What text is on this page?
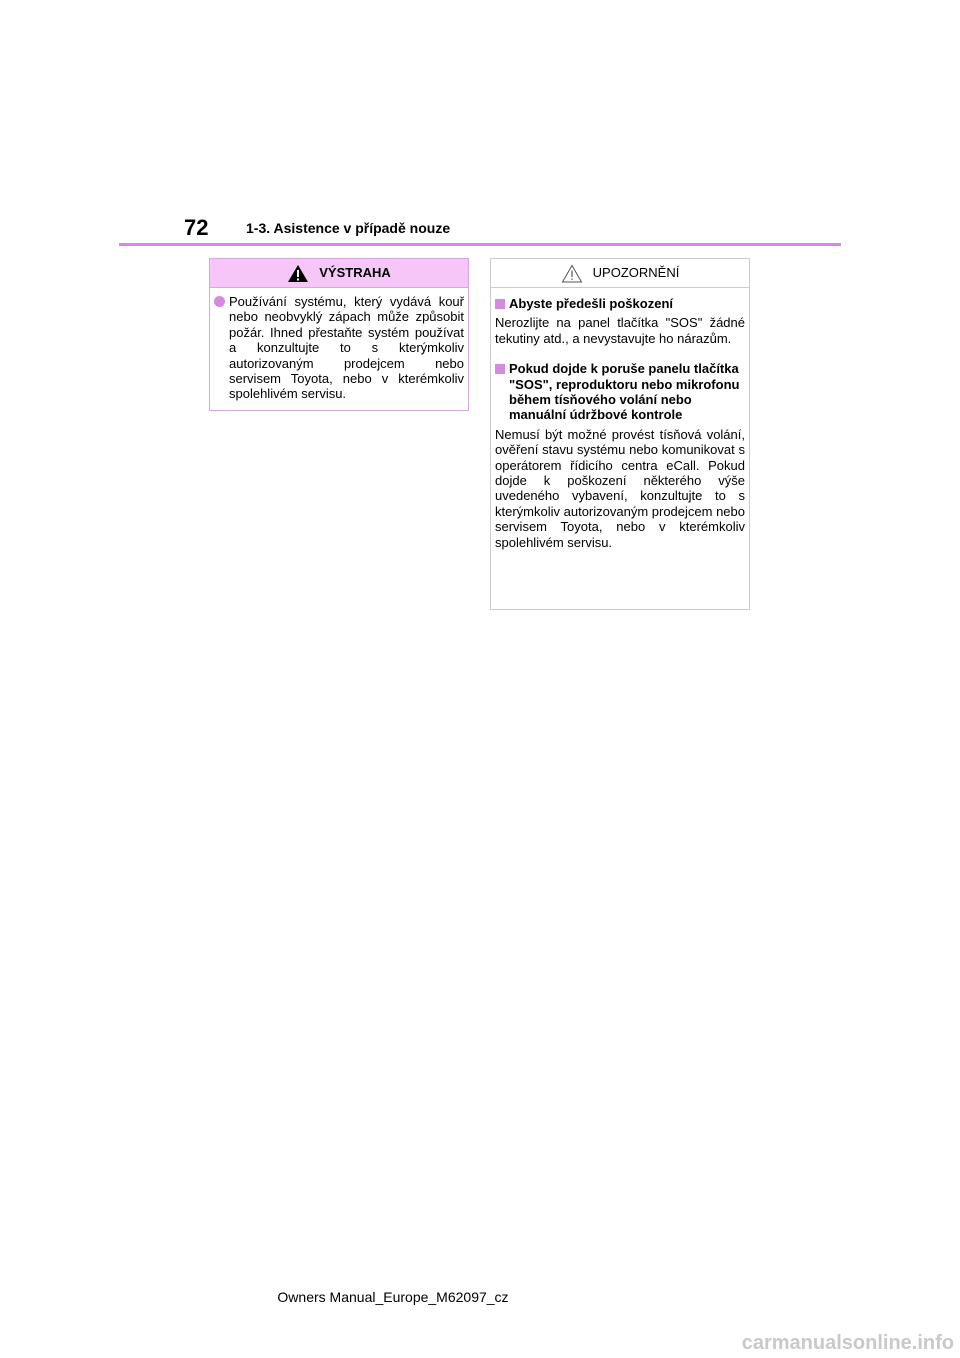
72	1-3. Asistence v případě nouze
VÝSTRAHA
Používání systému, který vydává kouř nebo neobvyklý zápach může způsobit požár. Ihned přestaňte systém používat a konzultujte to s kterýmkoliv autorizovaným prodejcem nebo servisem Toyota, nebo v kterémkoliv spolehlivém servisu.
UPOZORNĚNÍ
Abyste předešli poškození
Nerozlijte na panel tlačítka "SOS" žádné tekutiny atd., a nevystavujte ho nárazům.
Pokud dojde k poruše panelu tlačítka "SOS", reproduktoru nebo mikrofonu během tísňového volání nebo manuální údržbové kontrole
Nemusí být možné provést tísňová volání, ověření stavu systému nebo komunikovat s operátorem řídicího centra eCall. Pokud dojde k poškození některého výše uvedeného vybavení, konzultujte to s kterýmkoliv autorizovaným prodejcem nebo servisem Toyota, nebo v kterémkoliv spolehlivém servisu.
Owners Manual_Europe_M62097_cz
carmanualsonline.info
